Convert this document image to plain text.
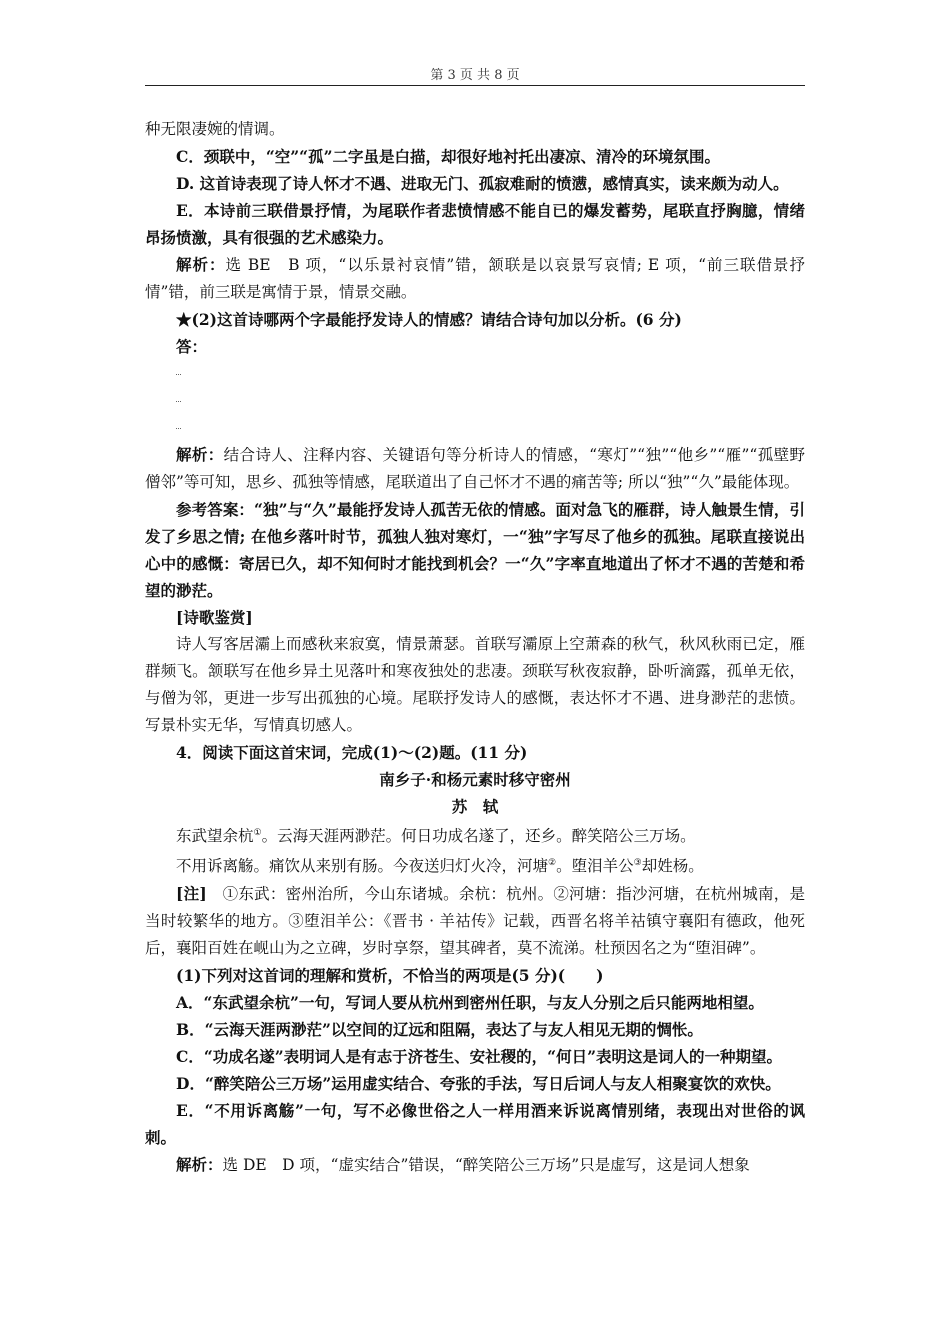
第 3 页 共 8 页

种无限凄婉的情调。

C．颈联中，“空”“孤”二字虽是白描，却很好地衬托出凄凉、清冷的环境氛围。

D. 这首诗表现了诗人怀才不遇、进取无门、孤寂难耐的愤懑，感情真实，读来颇为动人。

E．本诗前三联借景抒情，为尾联作者悲愤情感不能自已的爆发蓄势，尾联直抒胸臆，情绪昂扬愤激，具有很强的艺术感染力。

解析：选 BE　B 项，“以乐景衬哀情”错，颔联是以哀景写哀情; E 项，“前三联借景抒情”错，前三联是寓情于景，情景交融。

★(2)这首诗哪两个字最能抒发诗人的情感？请结合诗句加以分析。(6 分)

答：

解析：结合诗人、注释内容、关键语句等分析诗人的情感，“寒灯”“独”“他乡”“雁”“孤壁野僧邻”等可知，思乡、孤独等情感，尾联道出了自己怀才不遇的痛苦等; 所以“独”“久”最能体现。

参考答案：“独”与“久”最能抒发诗人孤苦无依的情感。面对急飞的雁群，诗人触景生情，引发了乡思之情; 在他乡落叶时节，孤独人独对寒灯，一“独”字写尽了他乡的孤独。尾联直接说出心中的感慨：寄居已久，却不知何时才能找到机会？一“久”字率直地道出了怀才不遇的苦楚和希望的渺茫。

[诗歌鉴赏]

诗人写客居灞上而感秋来寂寞，情景萧瑟。首联写灞原上空萧森的秋气，秋风秋雨已定，雁群频飞。颔联写在他乡异土见落叶和寒夜独处的悲凄。颈联写秋夜寂静，卧听滴露，孤单无依，与僧为邻，更进一步写出孤独的心境。尾联抒发诗人的感慨，表达怀才不遇、进身渺茫的悲愤。写景朴实无华，写情真切感人。

4．阅读下面这首宋词，完成(1)～(2)题。(11 分)

南乡子·和杨元素时移守密州

苏　轼

东武望余杭①。云海天涯两渺茫。何日功成名遂了，还乡。醉笑陪公三万场。

不用诉离觞。痛饮从来别有肠。今夜送归灯火冷，河塘②。堕泪羊公③却姓杨。

[注]　 ①东武：密州治所，今山东诸城。余杭：杭州。②河塘：指沙河塘，在杭州城南，是当时较繁华的地方。③堕泪羊公：《晋书 · 羊祜传》记载，西晋名将羊祜镇守襄阳有德政，他死后，襄阳百姓在岘山为之立碑，岁时享祭，望其碑者，莫不流涕。杜预因名之为“堕泪碑”。

(1)下列对这首词的理解和赏析，不恰当的两项是(5 分)(　　)

A．“东武望余杭”一句，写词人要从杭州到密州任职，与友人分别之后只能两地相望。

B．“云海天涯两渺茫”以空间的辽远和阻隔，表达了与友人相见无期的惆怅。

C．“功成名遂”表明词人是有志于济苍生、安社稷的，“何日”表明这是词人的一种期望。

D．“醉笑陪公三万场”运用虚实结合、夸张的手法，写日后词人与友人相聚宴饮的欢快。

E．“不用诉离觞”一句，写不必像世俗之人一样用酒来诉说离情别绪，表现出对世俗的讽刺。

解析：选 DE　D 项，“虚实结合”错误，“醉笑陪公三万场”只是虚写，这是词人想象
